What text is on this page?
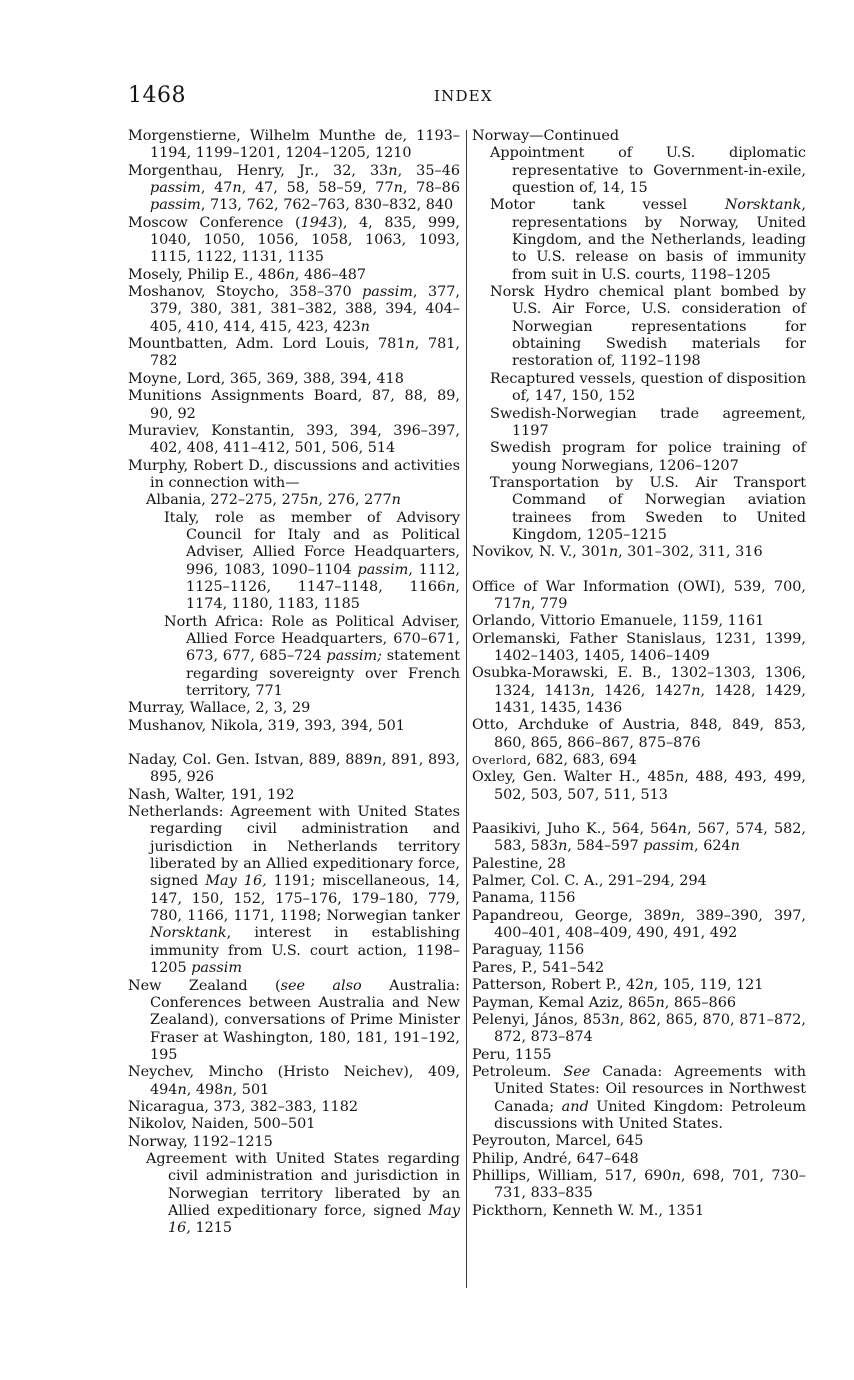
1468	INDEX

Morgenstierne, Wilhelm Munthe de, 1193–1194, 1199–1201, 1204–1205, 1210

Morgenthau, Henry, Jr., 32, 33n, 35–46 passim, 47n, 47, 58, 58–59, 77n, 78–86 passim, 713, 762, 762–763, 830–832, 840

Moscow Conference (1943), 4, 835, 999, 1040, 1050, 1056, 1058, 1063, 1093, 1115, 1122, 1131, 1135

Mosely, Philip E., 486n, 486–487

Moshanov, Stoycho, 358–370 passim, 377, 379, 380, 381, 381–382, 388, 394, 404–405, 410, 414, 415, 423, 423n

Mountbatten, Adm. Lord Louis, 781n, 781, 782

Moyne, Lord, 365, 369, 388, 394, 418

Munitions Assignments Board, 87, 88, 89, 90, 92

Muraviev, Konstantin, 393, 394, 396–397, 402, 408, 411–412, 501, 506, 514

Murphy, Robert D., discussions and activities in connection with—

Albania, 272–275, 275n, 276, 277n

Italy, role as member of Advisory Council for Italy and as Political Adviser, Allied Force Headquarters, 996, 1083, 1090–1104 passim, 1112, 1125–1126, 1147–1148, 1166n, 1174, 1180, 1183, 1185

North Africa: Role as Political Adviser, Allied Force Headquarters, 670–671, 673, 677, 685–724 passim; statement regarding sovereignty over French territory, 771

Murray, Wallace, 2, 3, 29

Mushanov, Nikola, 319, 393, 394, 501

Naday, Col. Gen. Istvan, 889, 889n, 891, 893, 895, 926

Nash, Walter, 191, 192

Netherlands: Agreement with United States regarding civil administration and jurisdiction in Netherlands territory liberated by an Allied expeditionary force, signed May 16, 1191; miscellaneous, 14, 147, 150, 152, 175–176, 179–180, 779, 780, 1166, 1171, 1198; Norwegian tanker Norsktank, interest in establishing immunity from U.S. court action, 1198–1205 passim

New Zealand (see also Australia: Conferences between Australia and New Zealand), conversations of Prime Minister Fraser at Washington, 180, 181, 191–192, 195

Neychev, Mincho (Hristo Neichev), 409, 494n, 498n, 501

Nicaragua, 373, 382–383, 1182

Nikolov, Naiden, 500–501

Norway, 1192–1215

Agreement with United States regarding civil administration and jurisdiction in Norwegian territory liberated by an Allied expeditionary force, signed May 16, 1215

Norway—Continued

Appointment of U.S. diplomatic representative to Government-in-exile, question of, 14, 15

Motor tank vessel Norsktank, representations by Norway, United Kingdom, and the Netherlands, leading to U.S. release on basis of immunity from suit in U.S. courts, 1198–1205

Norsk Hydro chemical plant bombed by U.S. Air Force, U.S. consideration of Norwegian representations for obtaining Swedish materials for restoration of, 1192–1198

Recaptured vessels, question of disposition of, 147, 150, 152

Swedish-Norwegian trade agreement, 1197

Swedish program for police training of young Norwegians, 1206–1207

Transportation by U.S. Air Transport Command of Norwegian aviation trainees from Sweden to United Kingdom, 1205–1215

Novikov, N. V., 301n, 301–302, 311, 316

Office of War Information (OWI), 539, 700, 717n, 779

Orlando, Vittorio Emanuele, 1159, 1161

Orlemanski, Father Stanislaus, 1231, 1399, 1402–1403, 1405, 1406–1409

Osubka-Morawski, E. B., 1302–1303, 1306, 1324, 1413n, 1426, 1427n, 1428, 1429, 1431, 1435, 1436

Otto, Archduke of Austria, 848, 849, 853, 860, 865, 866–867, 875–876

Overlord, 682, 683, 694

Oxley, Gen. Walter H., 485n, 488, 493, 499, 502, 503, 507, 511, 513

Paasikivi, Juho K., 564, 564n, 567, 574, 582, 583, 583n, 584–597 passim, 624n

Palestine, 28

Palmer, Col. C. A., 291–294, 294

Panama, 1156

Papandreou, George, 389n, 389–390, 397, 400–401, 408–409, 490, 491, 492

Paraguay, 1156

Pares, P., 541–542

Patterson, Robert P., 42n, 105, 119, 121

Payman, Kemal Aziz, 865n, 865–866

Pelenyi, János, 853n, 862, 865, 870, 871–872, 872, 873–874

Peru, 1155

Petroleum. See Canada: Agreements with United States: Oil resources in Northwest Canada; and United Kingdom: Petroleum discussions with United States.

Peyrouton, Marcel, 645

Philip, André, 647–648

Phillips, William, 517, 690n, 698, 701, 730–731, 833–835

Pickthorn, Kenneth W. M., 1351
